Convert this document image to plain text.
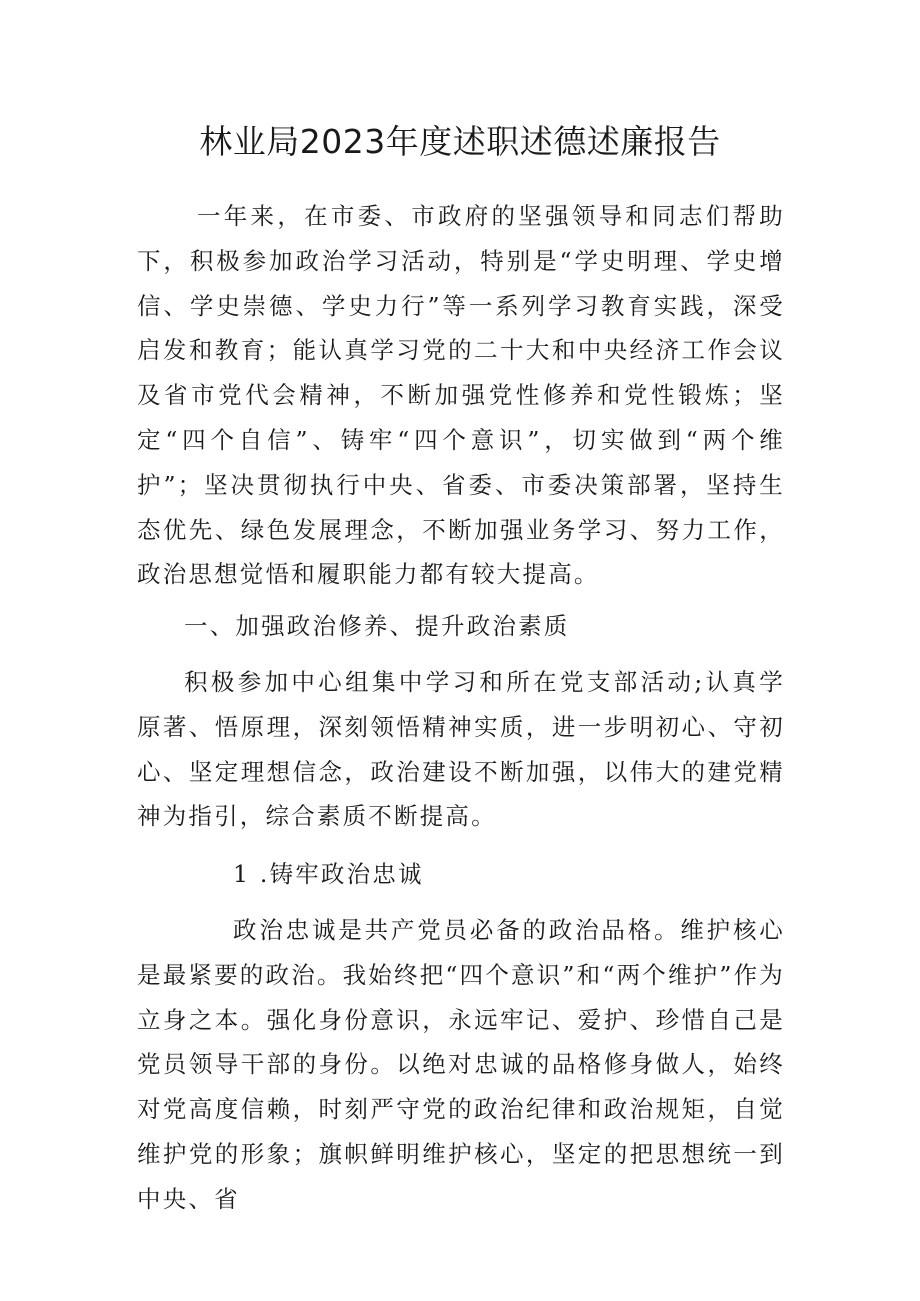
林业局2023年度述职述德述廉报告

一年来，在市委、市政府的坚强领导和同志们帮助下，积极参加政治学习活动，特别是“学史明理、学史增信、学史崇德、学史力行”等一系列学习教育实践，深受启发和教育；能认真学习党的二十大和中央经济工作会议及省市党代会精神，不断加强党性修养和党性锻炼；坚定“四个自信”、铸牢“四个意识”，切实做到“两个维护”；坚决贯彻执行中央、省委、市委决策部署，坚持生态优先、绿色发展理念，不断加强业务学习、努力工作，政治思想觉悟和履职能力都有较大提高。

一、加强政治修养、提升政治素质

积极参加中心组集中学习和所在党支部活动;认真学原著、悟原理，深刻领悟精神实质，进一步明初心、守初心、坚定理想信念，政治建设不断加强，以伟大的建党精神为指引，综合素质不断提高。

1 .铸牢政治忠诚

政治忠诚是共产党员必备的政治品格。维护核心是最紧要的政治。我始终把“四个意识”和“两个维护”作为立身之本。强化身份意识，永远牢记、爱护、珍惜自己是党员领导干部的身份。以绝对忠诚的品格修身做人，始终对党高度信赖，时刻严守党的政治纪律和政治规矩，自觉维护党的形象；旗帜鲜明维护核心，坚定的把思想统一到中央、省
